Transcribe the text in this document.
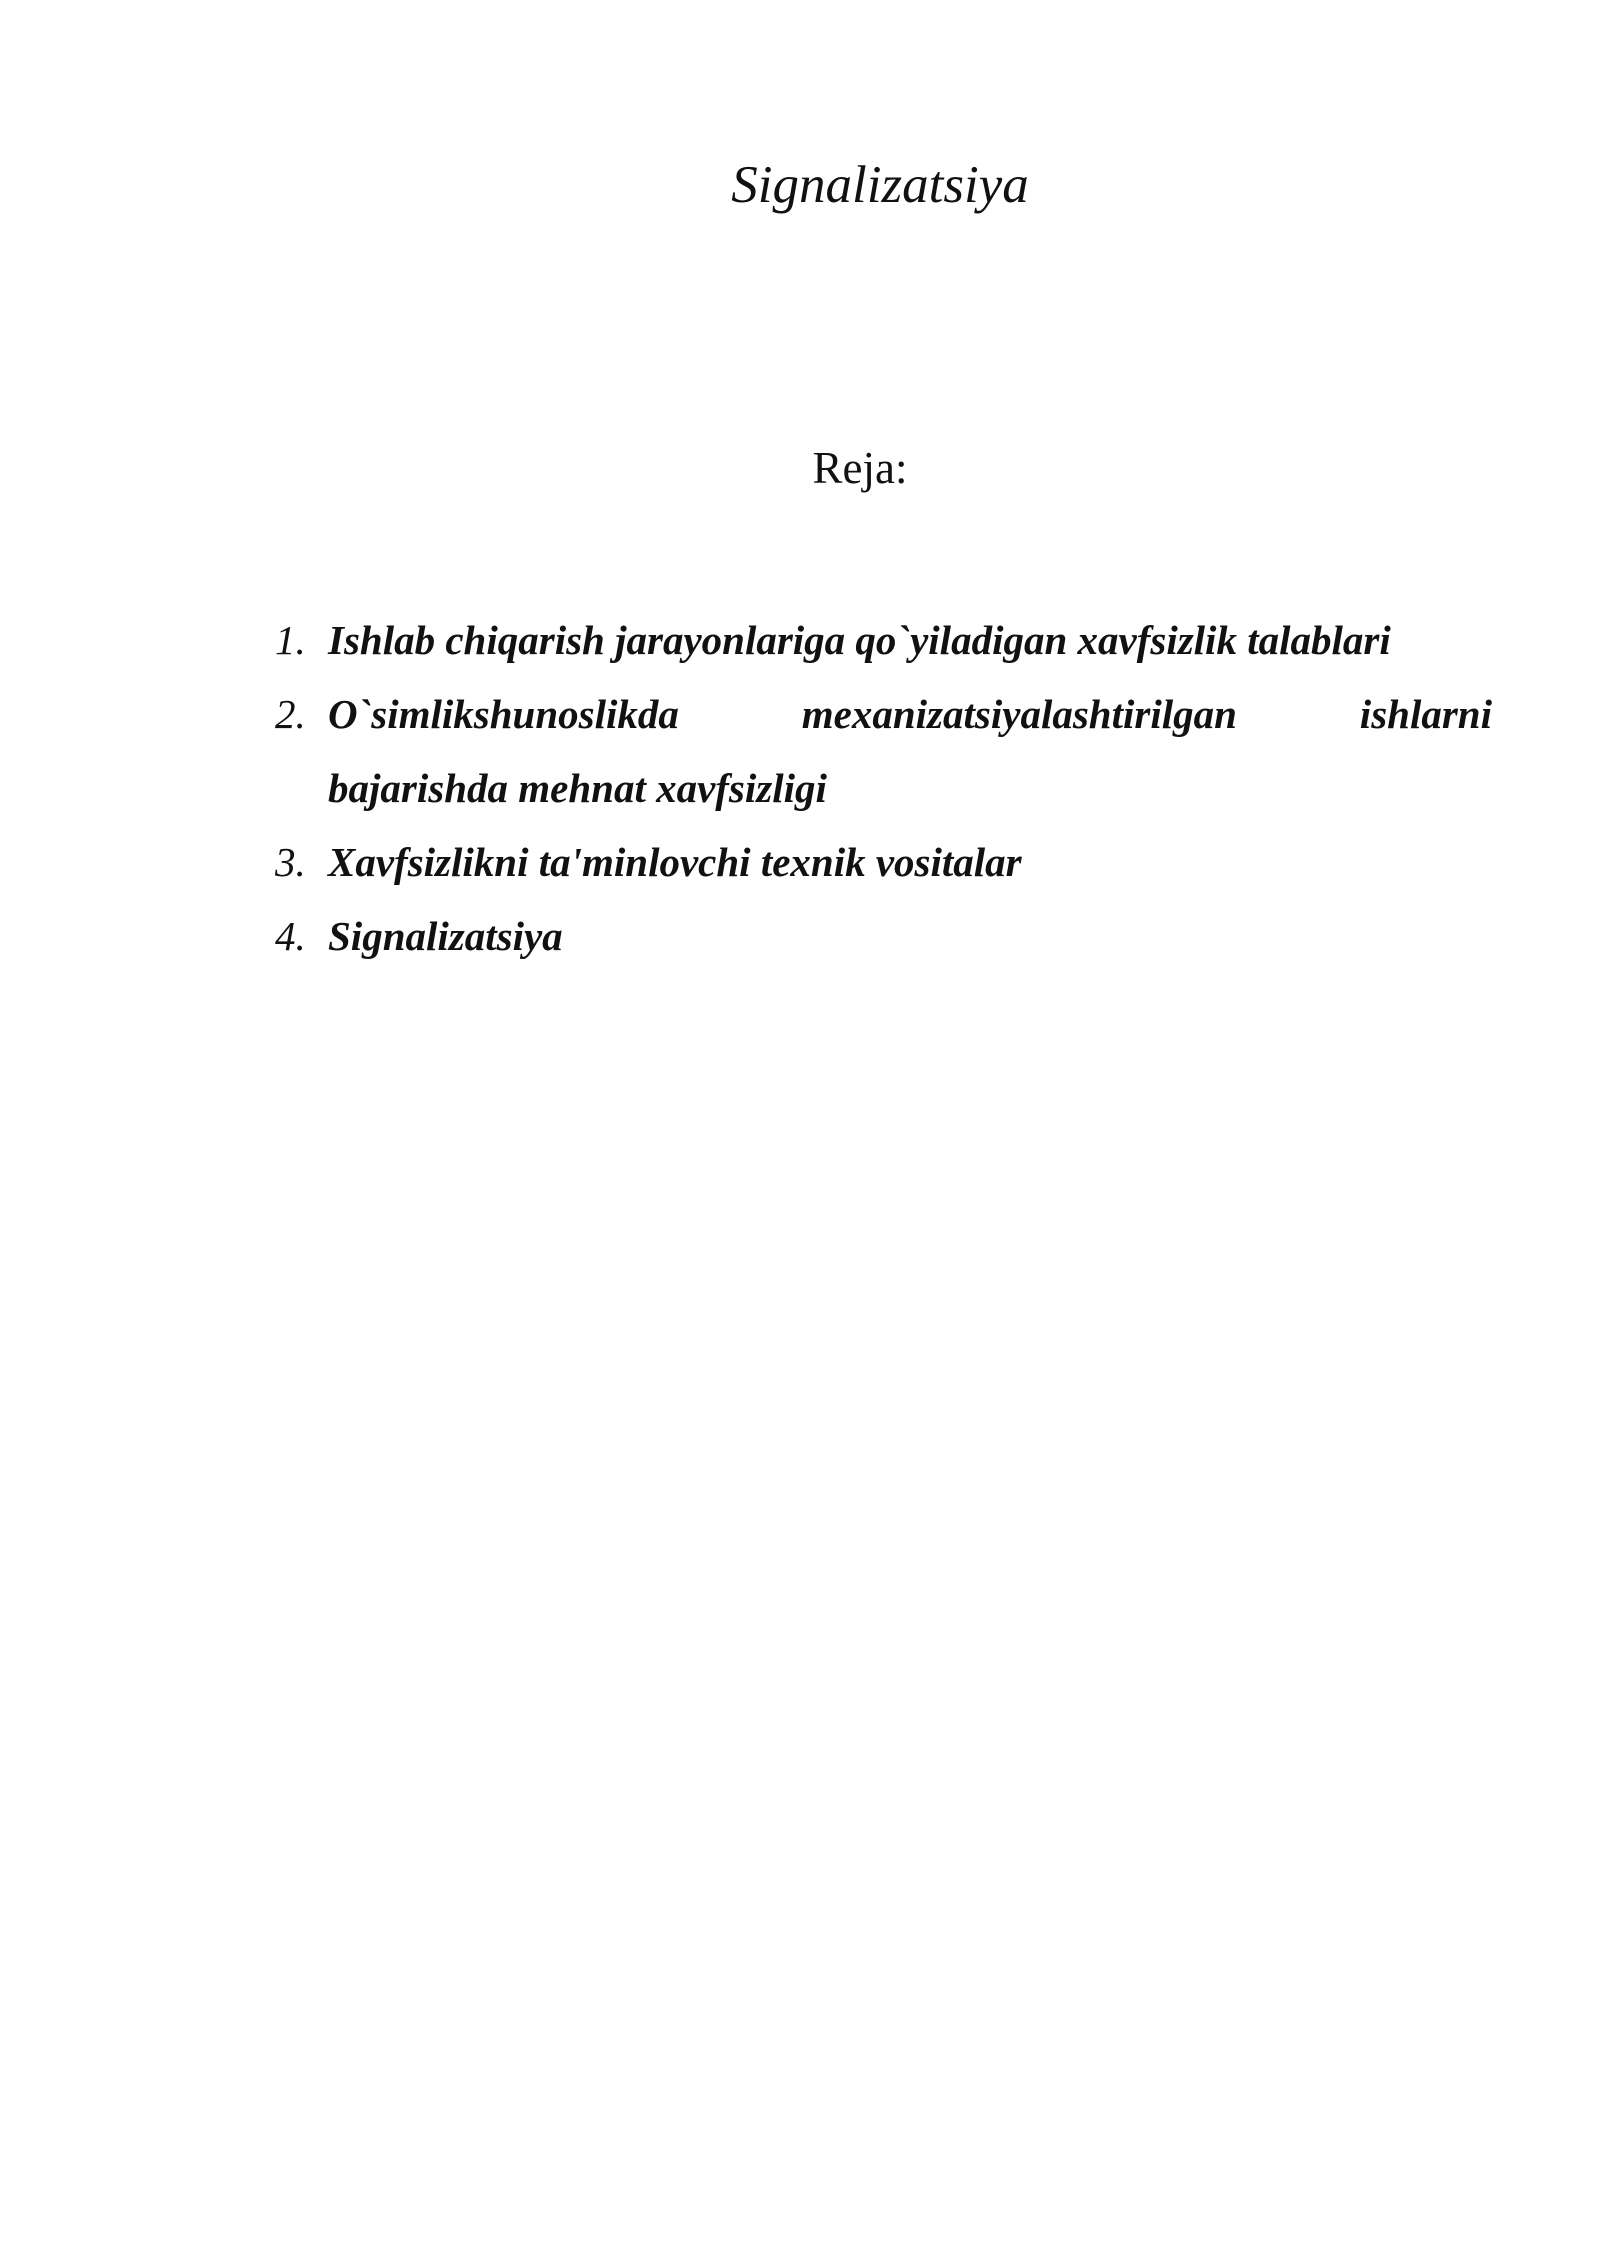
Signalizatsiya
Reja:
1. Ishlab chiqarish jarayonlariga qo`yiladigan xavfsizlik talablari
2. O`simlikshunoslikda	mexanizatsiyalashtirilgan	ishlarni
bajarishda mehnat xavfsizligi
3. Xavfsizlikni ta'minlovchi texnik vositalar
4. Signalizatsiya
